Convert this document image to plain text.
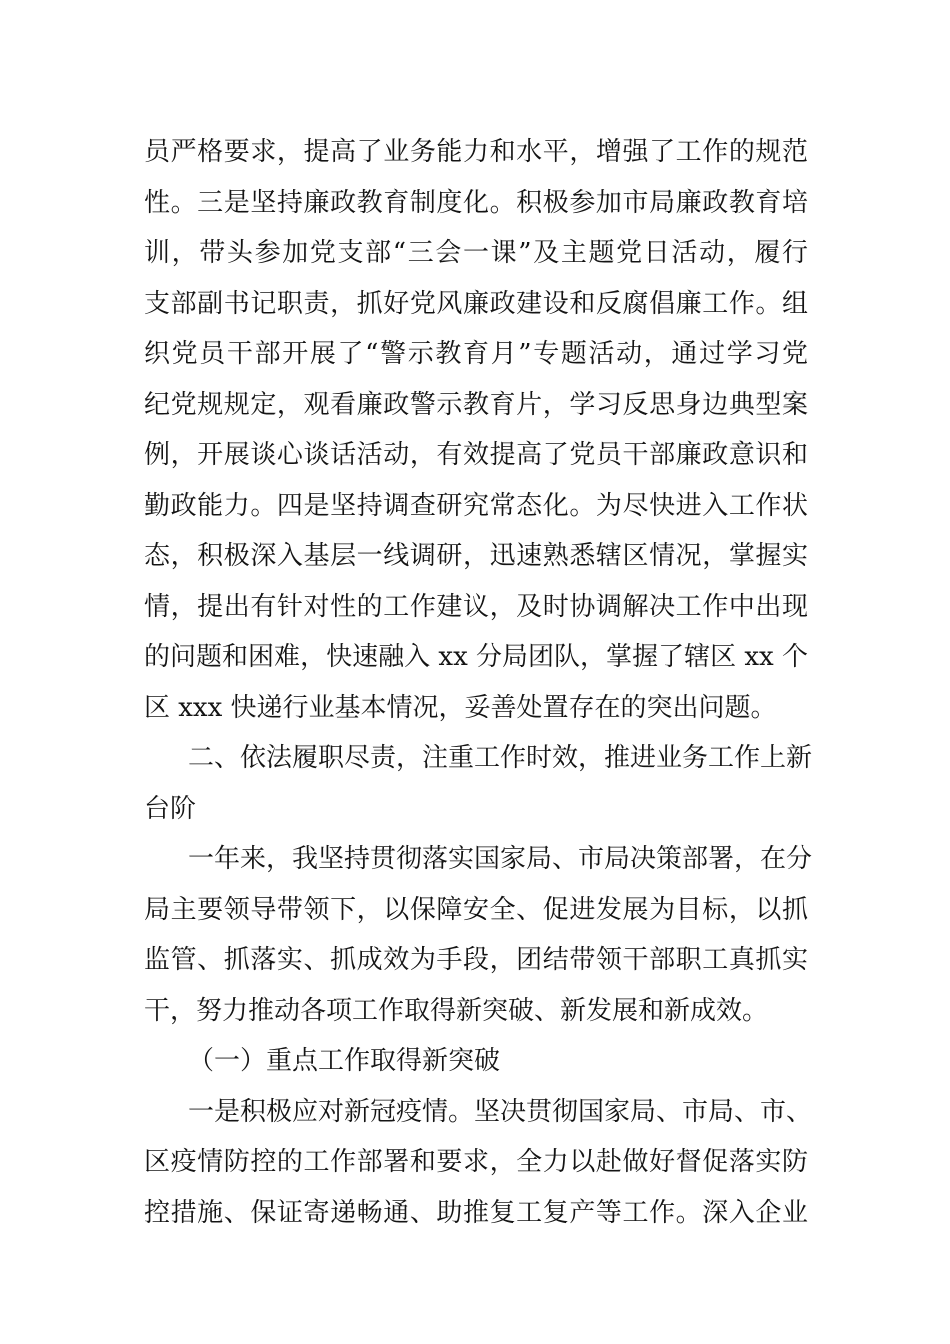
员严格要求，提高了业务能力和水平，增强了工作的规范
性。三是坚持廉政教育制度化。积极参加市局廉政教育培
训，带头参加党支部“三会一课”及主题党日活动，履行
支部副书记职责，抓好党风廉政建设和反腐倡廉工作。组
织党员干部开展了“警示教育月”专题活动，通过学习党
纪党规规定，观看廉政警示教育片，学习反思身边典型案
例，开展谈心谈话活动，有效提高了党员干部廉政意识和
勤政能力。四是坚持调查研究常态化。为尽快进入工作状
态，积极深入基层一线调研，迅速熟悉辖区情况，掌握实
情，提出有针对性的工作建议，及时协调解决工作中出现
的问题和困难，快速融入 xx 分局团队，掌握了辖区 xx 个
区 xxx 快递行业基本情况，妥善处置存在的突出问题。
二、依法履职尽责，注重工作时效，推进业务工作上新
台阶
一年来，我坚持贯彻落实国家局、市局决策部署，在分
局主要领导带领下，以保障安全、促进发展为目标，以抓
监管、抓落实、抓成效为手段，团结带领干部职工真抓实
干，努力推动各项工作取得新突破、新发展和新成效。
（一）重点工作取得新突破
一是积极应对新冠疫情。坚决贯彻国家局、市局、市、
区疫情防控的工作部署和要求，全力以赴做好督促落实防
控措施、保证寄递畅通、助推复工复产等工作。深入企业
